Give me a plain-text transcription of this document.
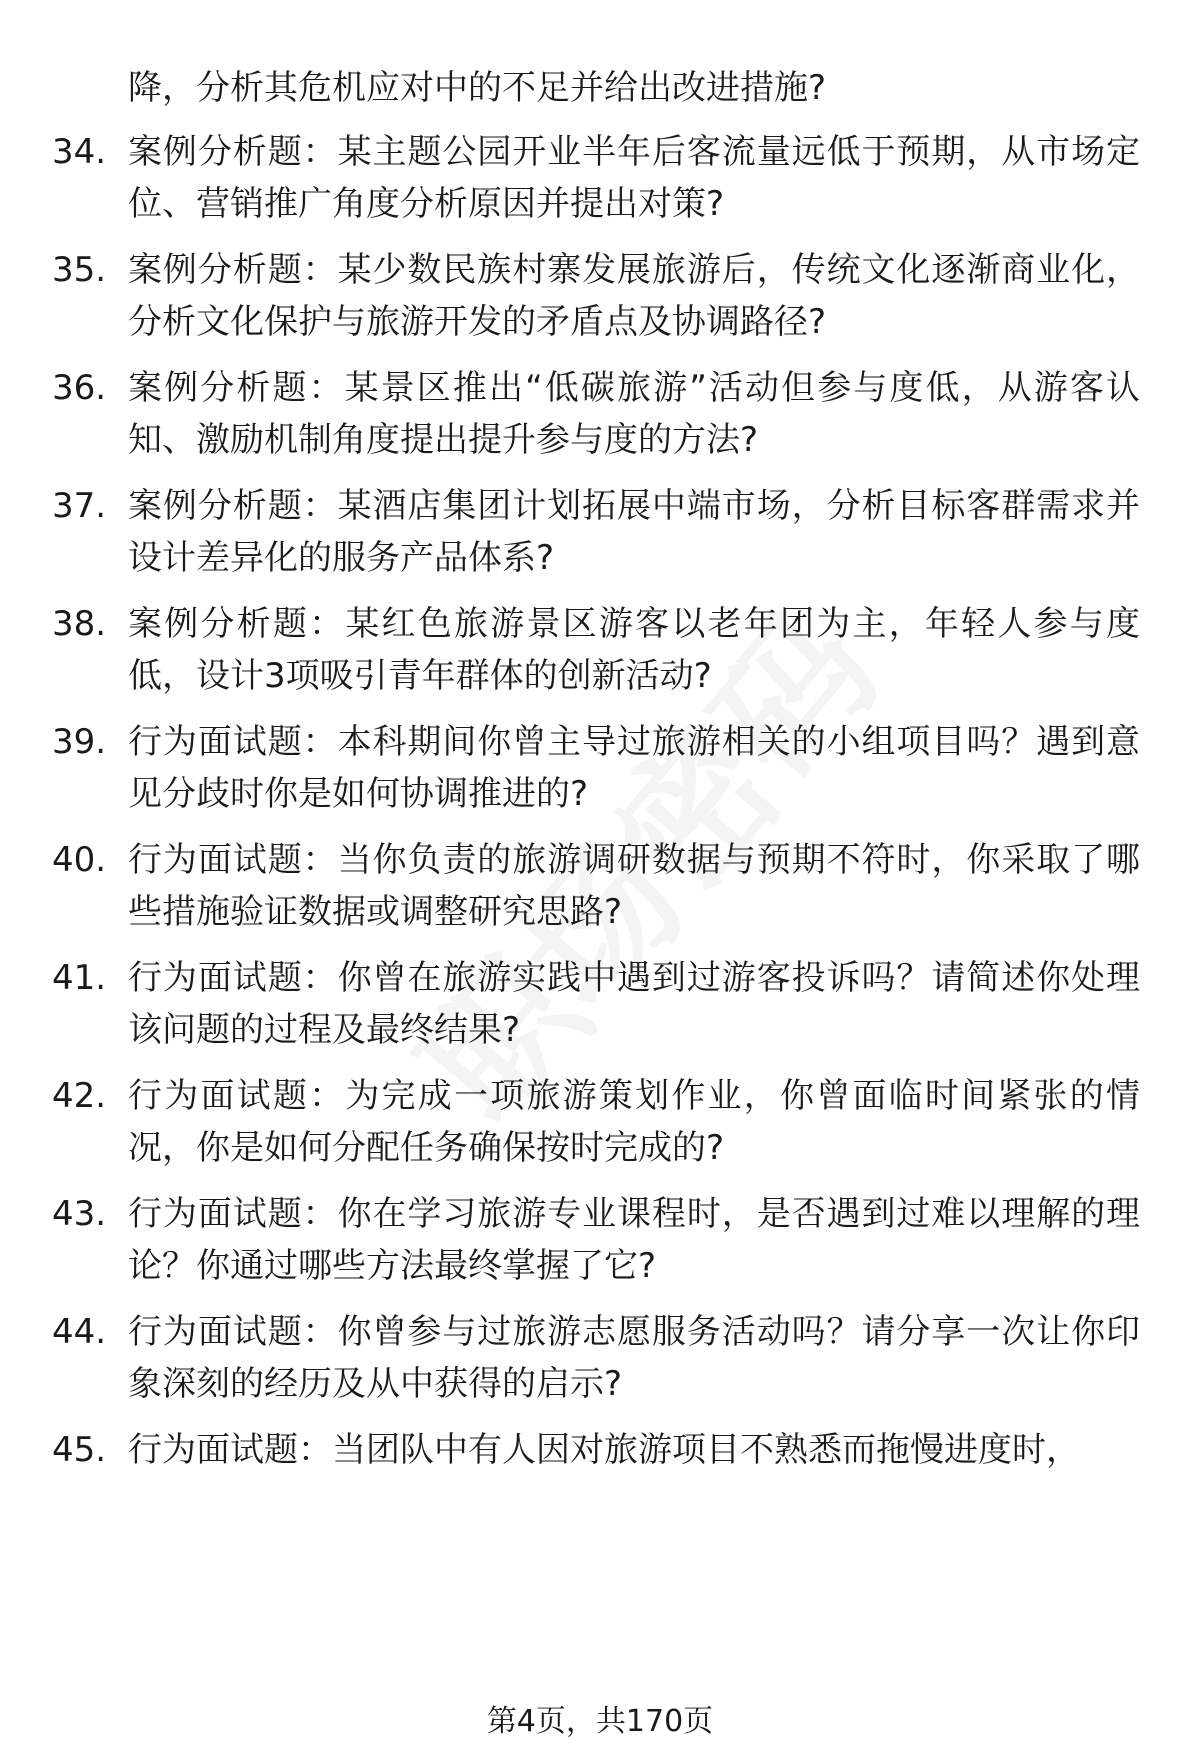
降，分析其危机应对中的不足并给出改进措施?
34. 案例分析题：某主题公园开业半年后客流量远低于预期，从市场定位、营销推广角度分析原因并提出对策?
35. 案例分析题：某少数民族村寨发展旅游后，传统文化逐渐商业化，分析文化保护与旅游开发的矛盾点及协调路径?
36. 案例分析题：某景区推出“低碳旅游”活动但参与度低，从游客认知、激励机制角度提出提升参与度的方法?
37. 案例分析题：某酒店集团计划拓展中端市场，分析目标客群需求并设计差异化的服务产品体系?
38. 案例分析题：某红色旅游景区游客以老年团为主，年轻人参与度低，设计3项吸引青年群体的创新活动?
39. 行为面试题：本科期间你曾主导过旅游相关的小组项目吗？遇到意见分歧时你是如何协调推进的?
40. 行为面试题：当你负责的旅游调研数据与预期不符时，你采取了哪些措施验证数据或调整研究思路?
41. 行为面试题：你曾在旅游实践中遇到过游客投诉吗？请简述你处理该问题的过程及最终结果?
42. 行为面试题：为完成一项旅游策划作业，你曾面临时间紧张的情况，你是如何分配任务确保按时完成的?
43. 行为面试题：你在学习旅游专业课程时，是否遇到过难以理解的理论？你通过哪些方法最终掌握了它?
44. 行为面试题：你曾参与过旅游志愿服务活动吗？请分享一次让你印象深刻的经历及从中获得的启示?
45. 行为面试题：当团队中有人因对旅游项目不熟悉而拖慢进度时，
第4页，共170页
